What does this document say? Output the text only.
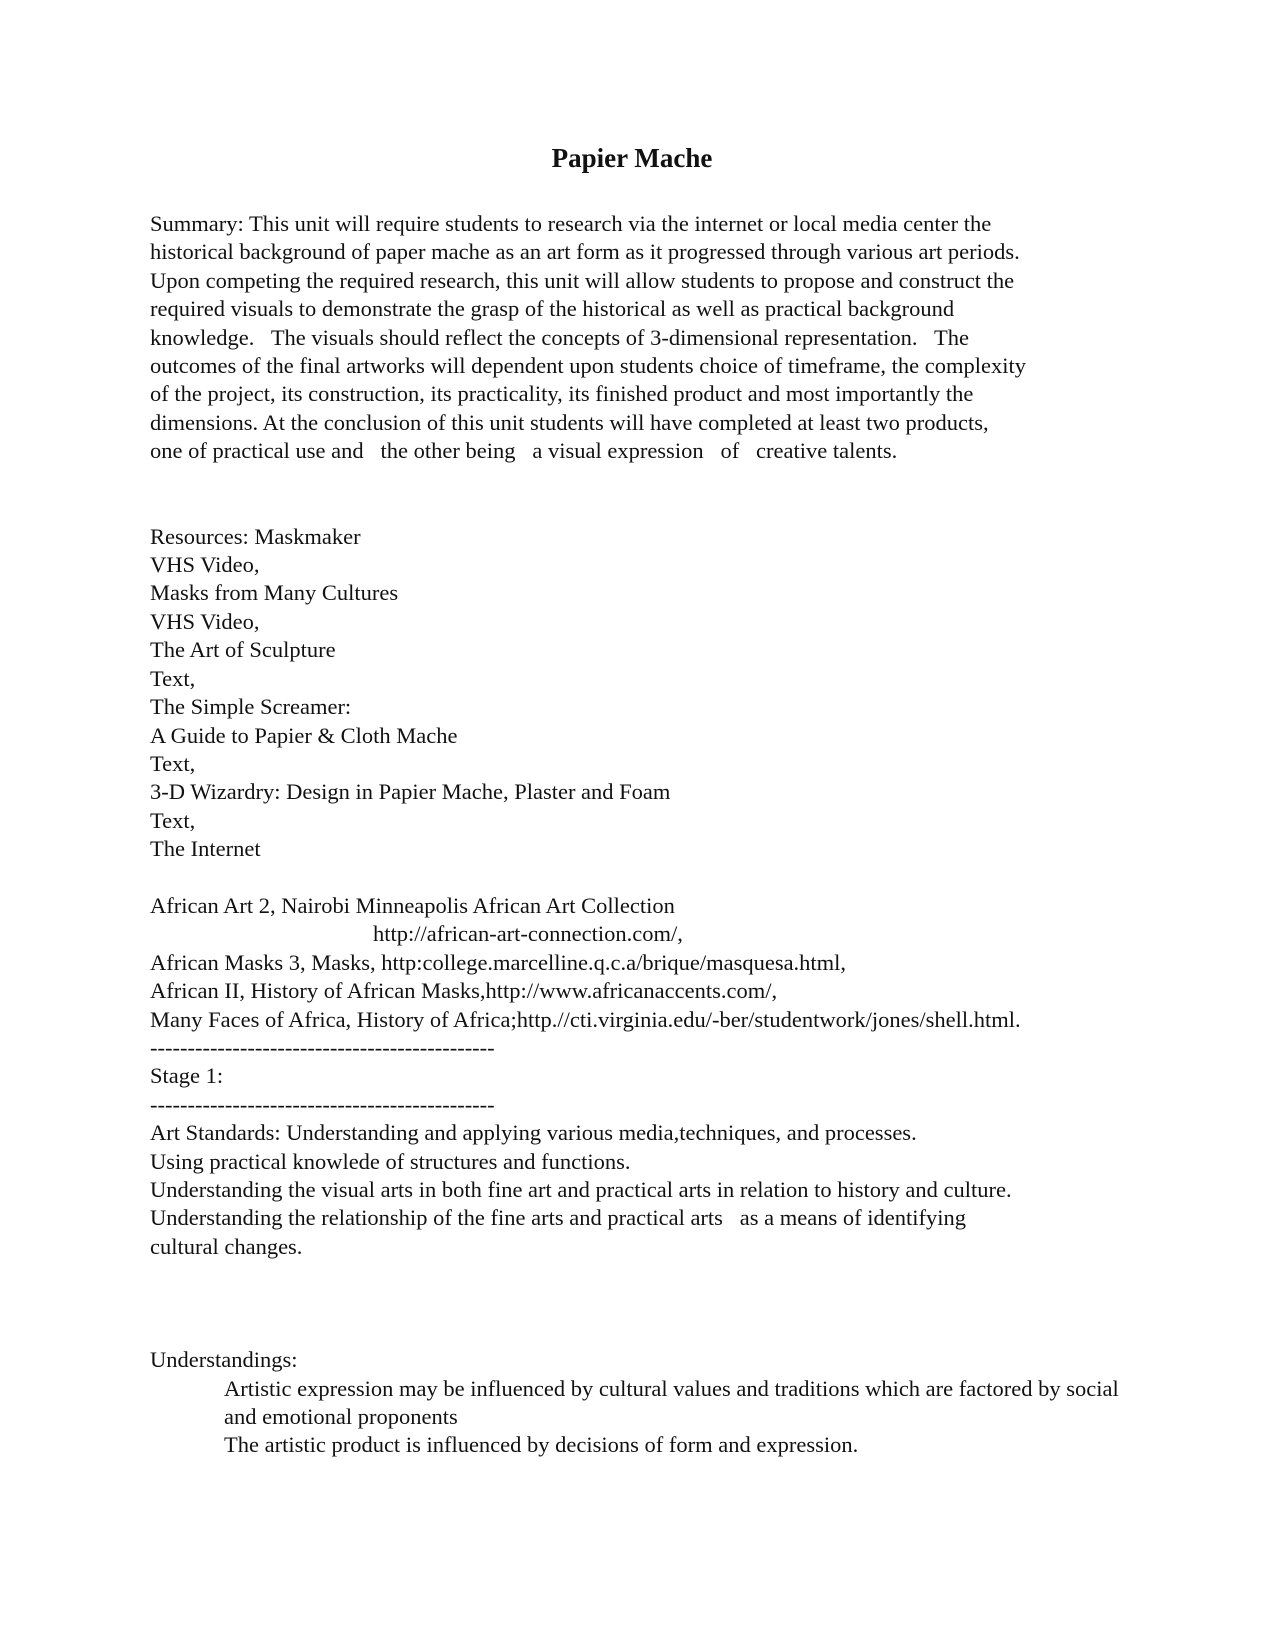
Papier Mache
Summary: This unit will require students to research via the internet or local media center the
historical background of paper mache as an art form as it progressed through various art periods.
Upon competing the required research, this unit will allow students to propose and construct the
required visuals to demonstrate the grasp of the historical as well as practical background
knowledge.   The visuals should reflect the concepts of 3-dimensional representation.   The
outcomes of the final artworks will dependent upon students choice of timeframe, the complexity
of the project, its construction, its practicality, its finished product and most importantly the
dimensions. At the conclusion of this unit students will have completed at least two products,
one of practical use and   the other being   a visual expression   of   creative talents.
Resources: Maskmaker
VHS Video,
Masks from Many Cultures
VHS Video,
The Art of Sculpture
Text,
The Simple Screamer:
A Guide to Papier & Cloth Mache
Text,
3-D Wizardry: Design in Papier Mache, Plaster and Foam
Text,
The Internet
African Art 2, Nairobi Minneapolis African Art Collection
http://african-art-connection.com/,
African Masks 3, Masks, http:college.marcelline.q.c.a/brique/masquesa.html,
African II, History of African Masks,http://www.africanaccents.com/,
Many Faces of Africa, History of Africa;http.//cti.virginia.edu/-ber/studentwork/jones/shell.html.
----------------------------------------------
Stage 1:
----------------------------------------------
Art Standards: Understanding and applying various media,techniques, and processes.
Using practical knowlede of structures and functions.
Understanding the visual arts in both fine art and practical arts in relation to history and culture.
Understanding the relationship of the fine arts and practical arts   as a means of identifying
cultural changes.
Understandings:
Artistic expression may be influenced by cultural values and traditions which are factored by social and emotional proponents
The artistic product is influenced by decisions of form and expression.
